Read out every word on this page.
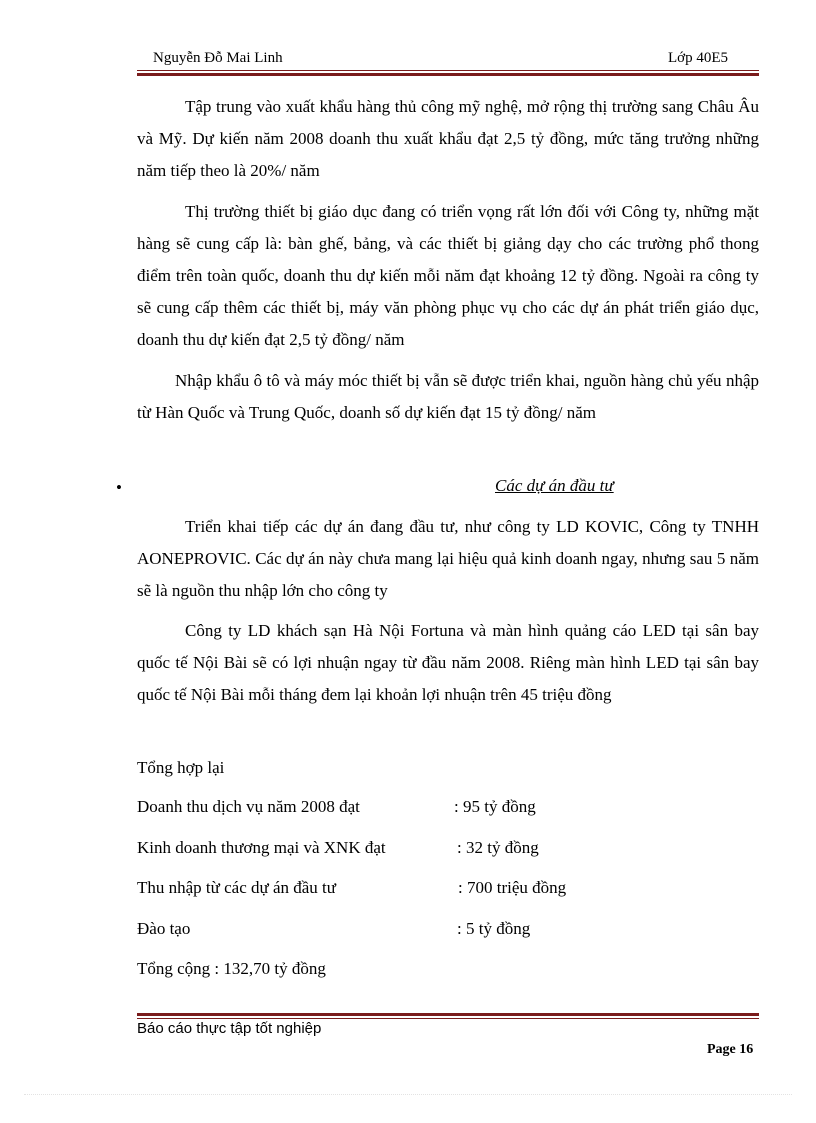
Nguyễn Đỗ Mai Linh	Lớp 40E5
Tập trung vào xuất khẩu hàng thủ công mỹ nghệ, mở rộng thị trường sang Châu Âu và Mỹ. Dự kiến năm 2008 doanh thu xuất khẩu đạt 2,5 tỷ đồng, mức tăng trưởng những năm tiếp theo là 20%/ năm
Thị trường thiết bị giáo dục đang có triển vọng rất lớn đối với Công ty, những mặt hàng sẽ cung cấp là: bàn ghế, bảng, và các thiết bị giảng dạy cho các trường phổ thong điểm trên toàn quốc, doanh thu dự kiến mỗi năm đạt khoảng 12 tỷ đồng. Ngoài ra công ty sẽ cung cấp thêm các thiết bị, máy văn phòng phục vụ cho các dự án phát triển giáo dục, doanh thu dự kiến đạt 2,5 tỷ đồng/ năm
Nhập khẩu ô tô và máy móc thiết bị vẫn sẽ được triển khai, nguồn hàng chủ yếu nhập từ Hàn Quốc và Trung Quốc, doanh số dự kiến đạt 15 tỷ đồng/ năm
•	Các dự án đầu tư
Triển khai tiếp các dự án đang đầu tư, như công ty LD KOVIC, Công ty TNHH AONEPROVIC. Các dự án này chưa mang lại hiệu quả kinh doanh ngay, nhưng sau 5 năm sẽ là nguồn thu nhập lớn cho công ty
Công ty LD khách sạn Hà Nội Fortuna và màn hình quảng cáo LED tại sân bay quốc tế Nội Bài sẽ có lợi nhuận ngay từ đầu năm 2008. Riêng màn hình LED tại sân bay quốc tế Nội Bài mỗi tháng đem lại khoản lợi nhuận trên 45 triệu đồng
Tổng hợp lại
Doanh thu dịch vụ năm 2008 đạt	: 95 tỷ đồng
Kinh doanh thương mại và XNK đạt	: 32 tỷ đồng
Thu nhập từ các dự án đầu tư	: 700 triệu đồng
Đào tạo	: 5 tỷ đồng
Tổng cộng : 132,70 tỷ đồng
Báo cáo thực tập tốt nghiệp
Page 16
